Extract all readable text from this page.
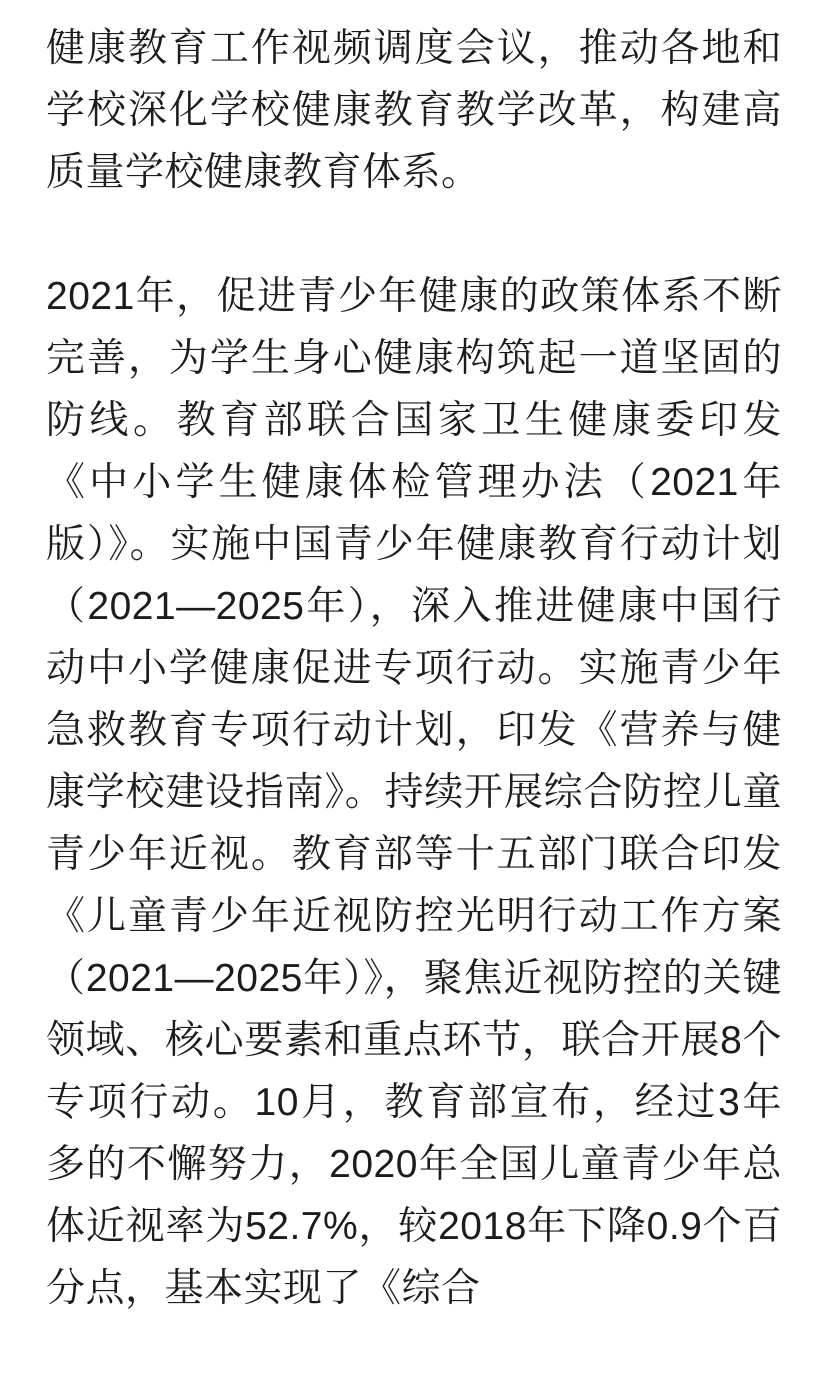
健康教育工作视频调度会议，推动各地和学校深化学校健康教育教学改革，构建高质量学校健康教育体系。

2021年，促进青少年健康的政策体系不断完善，为学生身心健康构筑起一道坚固的防线。教育部联合国家卫生健康委印发《中小学生健康体检管理办法（2021年版）》。实施中国青少年健康教育行动计划（2021—2025年），深入推进健康中国行动中小学健康促进专项行动。实施青少年急救教育专项行动计划，印发《营养与健康学校建设指南》。持续开展综合防控儿童青少年近视。教育部等十五部门联合印发《儿童青少年近视防控光明行动工作方案（2021—2025年）》，聚焦近视防控的关键领域、核心要素和重点环节，联合开展8个专项行动。10月，教育部宣布，经过3年多的不懈努力，2020年全国儿童青少年总体近视率为52.7%，较2018年下降0.9个百分点，基本实现了《综合
